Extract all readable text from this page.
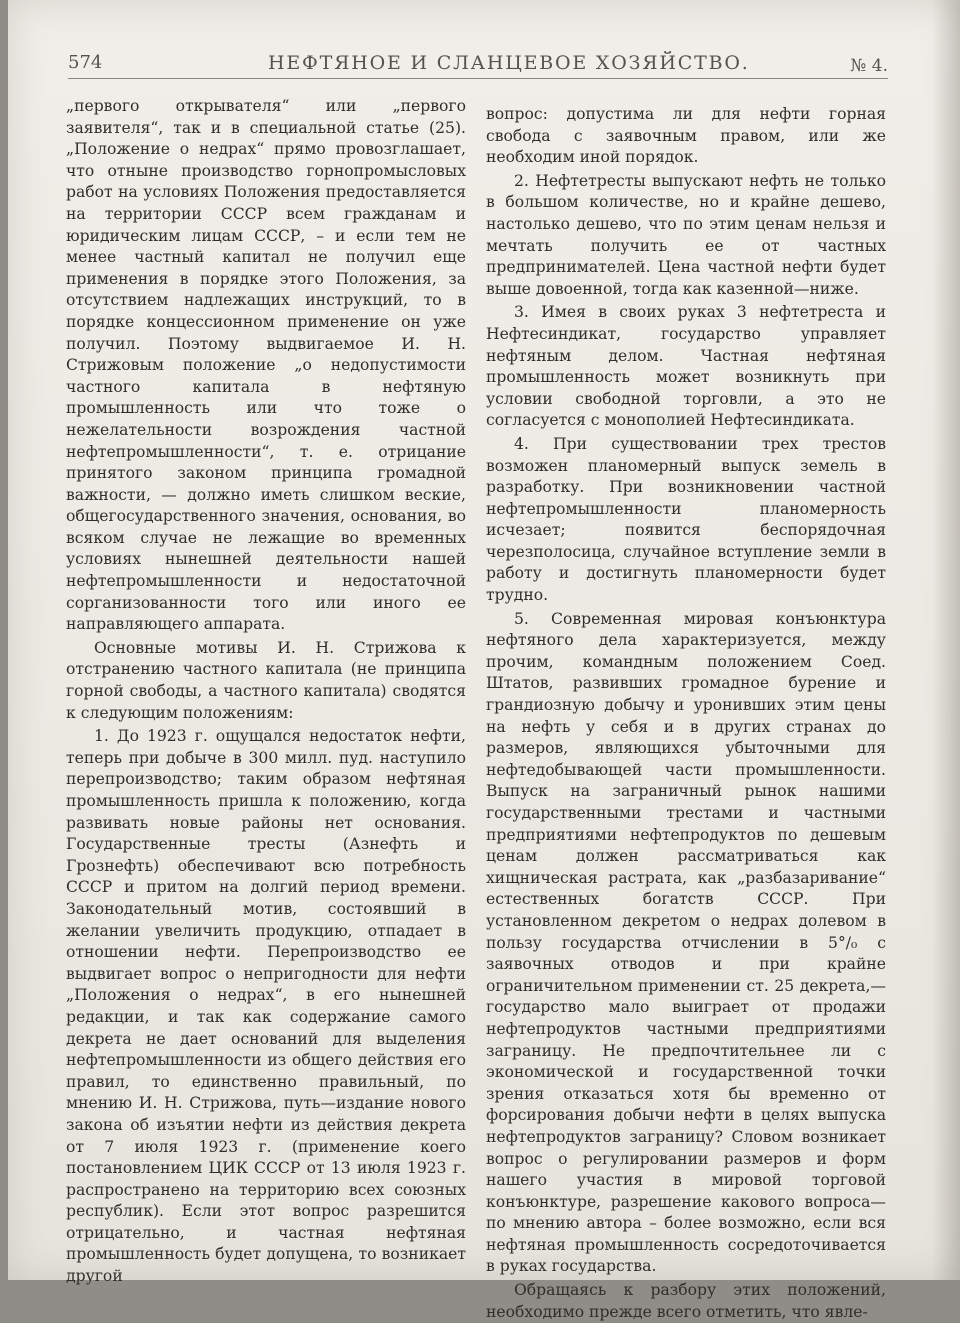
574	НЕФТЯНОЕ И СЛАНЦЕВОЕ ХОЗЯЙСТВО.	№ 4.

„первого открывателя“ или „первого заявителя“, так и в специальной статье (25). „Положение о недрах“ прямо провозглашает, что отныне производство горнопромысловых работ на условиях Положения предоставляется на территории СССР всем гражданам и юридическим лицам СССР, – и если тем не менее частный капитал не получил еще применения в порядке этого Положения, за отсутствием надлежащих инструкций, то в порядке концессионном применение он уже получил. Поэтому выдвигаемое И. Н. Стрижовым положение „о недопустимости частного капитала в нефтяную промышленность или что тоже о нежелательности возрождения частной нефтепромышленности“, т. е. отрицание принятого законом принципа громадной важности, — должно иметь слишком веские, общегосударственного значения, основания, во всяком случае не лежащие во временных условиях нынешней деятельности нашей нефтепромышленности и недостаточной сорганизованности того или иного ее направляющего аппарата.

Основные мотивы И. Н. Стрижова к отстранению частного капитала (не принципа горной свободы, а частного капитала) сводятся к следующим положениям:

1. До 1923 г. ощущался недостаток нефти, теперь при добыче в 300 милл. пуд. наступило перепроизводство; таким образом нефтяная промышленность пришла к положению, когда развивать новые районы нет основания. Государственные тресты (Азнефть и Грознефть) обеспечивают всю потребность СССР и притом на долгий период времени. Законодательный мотив, состоявший в желании увеличить продукцию, отпадает в отношении нефти. Перепроизводство ее выдвигает вопрос о непригодности для нефти „Положения о недрах“, в его нынешней редакции, и так как содержание самого декрета не дает оснований для выделения нефтепромышленности из общего действия его правил, то единственно правильный, по мнению И. Н. Стрижова, путь—издание нового закона об изъятии нефти из действия декрета от 7 июля 1923 г. (применение коего постановлением ЦИК СССР от 13 июля 1923 г. распространено на территорию всех союзных республик). Если этот вопрос разрешится отрицательно, и частная нефтяная промышленность будет допущена, то возникает другой

вопрос: допустима ли для нефти горная свобода с заявочным правом, или же необходим иной порядок.

2. Нефтетресты выпускают нефть не только в большом количестве, но и крайне дешево, настолько дешево, что по этим ценам нельзя и мечтать получить ее от частных предпринимателей. Цена частной нефти будет выше довоенной, тогда как казенной—ниже.

3. Имея в своих руках 3 нефтетреста и Нефтесиндикат, государство управляет нефтяным делом. Частная нефтяная промышленность может возникнуть при условии свободной торговли, а это не согласуется с монополией Нефтесиндиката.

4. При существовании трех трестов возможен планомерный выпуск земель в разработку. При возникновении частной нефтепромышленности планомерность исчезает; появится беспорядочная черезполосица, случайное вступление земли в работу и достигнуть планомерности будет трудно.

5. Современная мировая конъюнктура нефтяного дела характеризуется, между прочим, командным положением Соед. Штатов, развивших громадное бурение и грандиозную добычу и уронивших этим цены на нефть у себя и в других странах до размеров, являющихся убыточными для нефтедобывающей части промышленности. Выпуск на заграничный рынок нашими государственными трестами и частными предприятиями нефтепродуктов по дешевым ценам должен рассматриваться как хищническая растрата, как „разбазаривание“ естественных богатств СССР. При установленном декретом о недрах долевом в пользу государства отчислении в 5°/₀ с заявочных отводов и при крайне ограничительном применении ст. 25 декрета,—государство мало выиграет от продажи нефтепродуктов частными предприятиями заграницу. Не предпочтительнее ли с экономической и государственной точки зрения отказаться хотя бы временно от форсирования добычи нефти в целях выпуска нефтепродуктов заграницу? Словом возникает вопрос о регулировании размеров и форм нашего участия в мировой торговой конъюнктуре, разрешение какового вопроса—по мнению автора – более возможно, если вся нефтяная промышленность сосредоточивается в руках государства.

Обращаясь к разбору этих положений, необходимо прежде всего отметить, что явле-
